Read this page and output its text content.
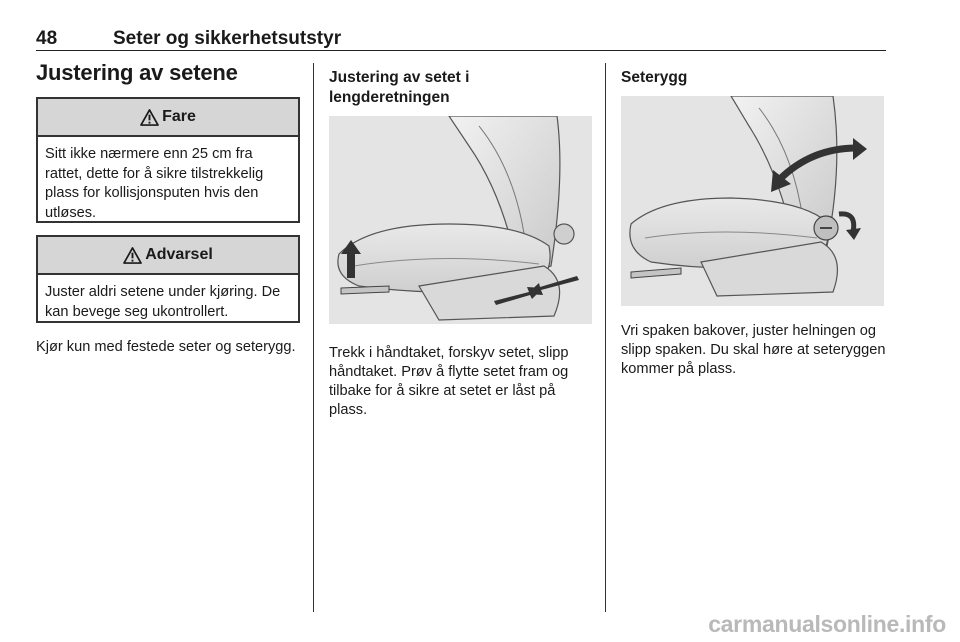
48	Seter og sikkerhetsutstyr
Justering av setene
Fare
Sitt ikke nærmere enn 25 cm fra rattet, dette for å sikre tilstrekkelig plass for kollisjonsputen hvis den utløses.
Advarsel
Juster aldri setene under kjøring. De kan bevege seg ukontrollert.
Kjør kun med festede seter og seterygg.
Justering av setet i lengderetningen
Trekk i håndtaket, forskyv setet, slipp håndtaket. Prøv å flytte setet fram og tilbake for å sikre at setet er låst på plass.
Seterygg
Vri spaken bakover, juster helningen og slipp spaken. Du skal høre at seteryggen kommer på plass.
carmanualsonline.info
